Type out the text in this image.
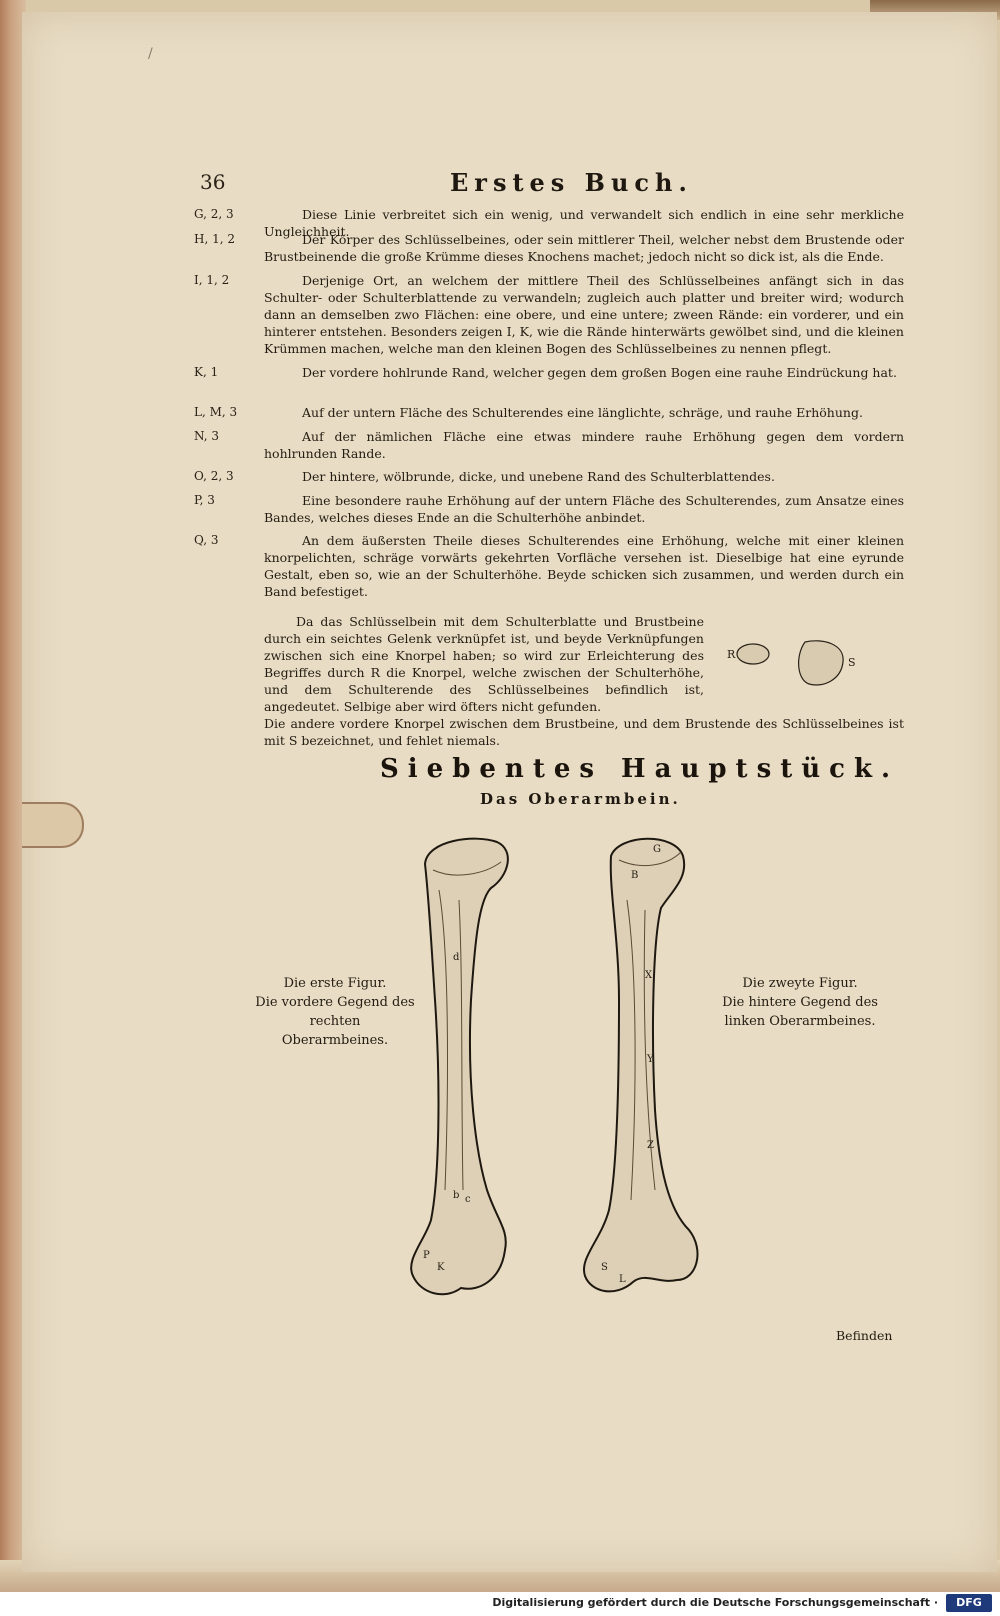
/
36	Erstes Buch.
G, 2, 3	Diese Linie verbreitet sich ein wenig, und verwandelt sich endlich in eine sehr merkliche Ungleichheit.
H, 1, 2	Der Körper des Schlüsselbeines, oder sein mittlerer Theil, welcher nebst dem Brustende oder Brustbeinende die große Krümme dieses Knochens machet; jedoch nicht so dick ist, als die Ende.
I, 1, 2	Derjenige Ort, an welchem der mittlere Theil des Schlüsselbeines anfängt sich in das Schulter- oder Schulterblattende zu verwandeln; zugleich auch platter und breiter wird; wodurch dann an demselben zwo Flächen: eine obere, und eine untere; zween Rände: ein vorderer, und ein hinterer entstehen. Besonders zeigen I, K, wie die Rände hinterwärts gewölbet sind, und die kleinen Krümmen machen, welche man den kleinen Bogen des Schlüsselbeines zu nennen pflegt.
K, 1	Der vordere hohlrunde Rand, welcher gegen dem großen Bogen eine rauhe Eindrückung hat.
L, M, 3	Auf der untern Fläche des Schulterendes eine länglichte, schräge, und rauhe Erhöhung.
N, 3	Auf der nämlichen Fläche eine etwas mindere rauhe Erhöhung gegen dem vordern hohlrunden Rande.
O, 2, 3	Der hintere, wölbrunde, dicke, und unebene Rand des Schulterblattendes.
P, 3	Eine besondere rauhe Erhöhung auf der untern Fläche des Schulterendes, zum Ansatze eines Bandes, welches dieses Ende an die Schulterhöhe anbindet.
Q, 3	An dem äußersten Theile dieses Schulterendes eine Erhöhung, welche mit einer kleinen knorpelichten, schräge vorwärts gekehrten Vorfläche versehen ist. Dieselbige hat eine eyrunde Gestalt, eben so, wie an der Schulterhöhe. Beyde schicken sich zusammen, und werden durch ein Band befestiget.
Da das Schlüsselbein mit dem Schulterblatte und Brustbeine durch ein seichtes Gelenk verknüpfet ist, und beyde Verknüpfungen zwischen sich eine Knorpel haben; so wird zur Erleichterung des Begriffes durch R die Knorpel, welche zwischen der Schulterhöhe, und dem Schulterende des Schlüsselbeines befindlich ist, angedeutet. Selbige aber wird öfters nicht gefunden.
Die andere vordere Knorpel zwischen dem Brustbeine, und dem Brustende des Schlüsselbeines ist mit S bezeichnet, und fehlet niemals.
R
S
Siebentes Hauptstück.
Das Oberarmbein.
Die erste Figur.
Die vordere Gegend des rechten Oberarmbeines.
Die zweyte Figur.
Die hintere Gegend des linken Oberarmbeines.
d
c
b
P
K
G
B
X
Y
Z
S
L
Befinden
Digitalisierung gefördert durch die Deutsche Forschungsgemeinschaft ·	DFG
